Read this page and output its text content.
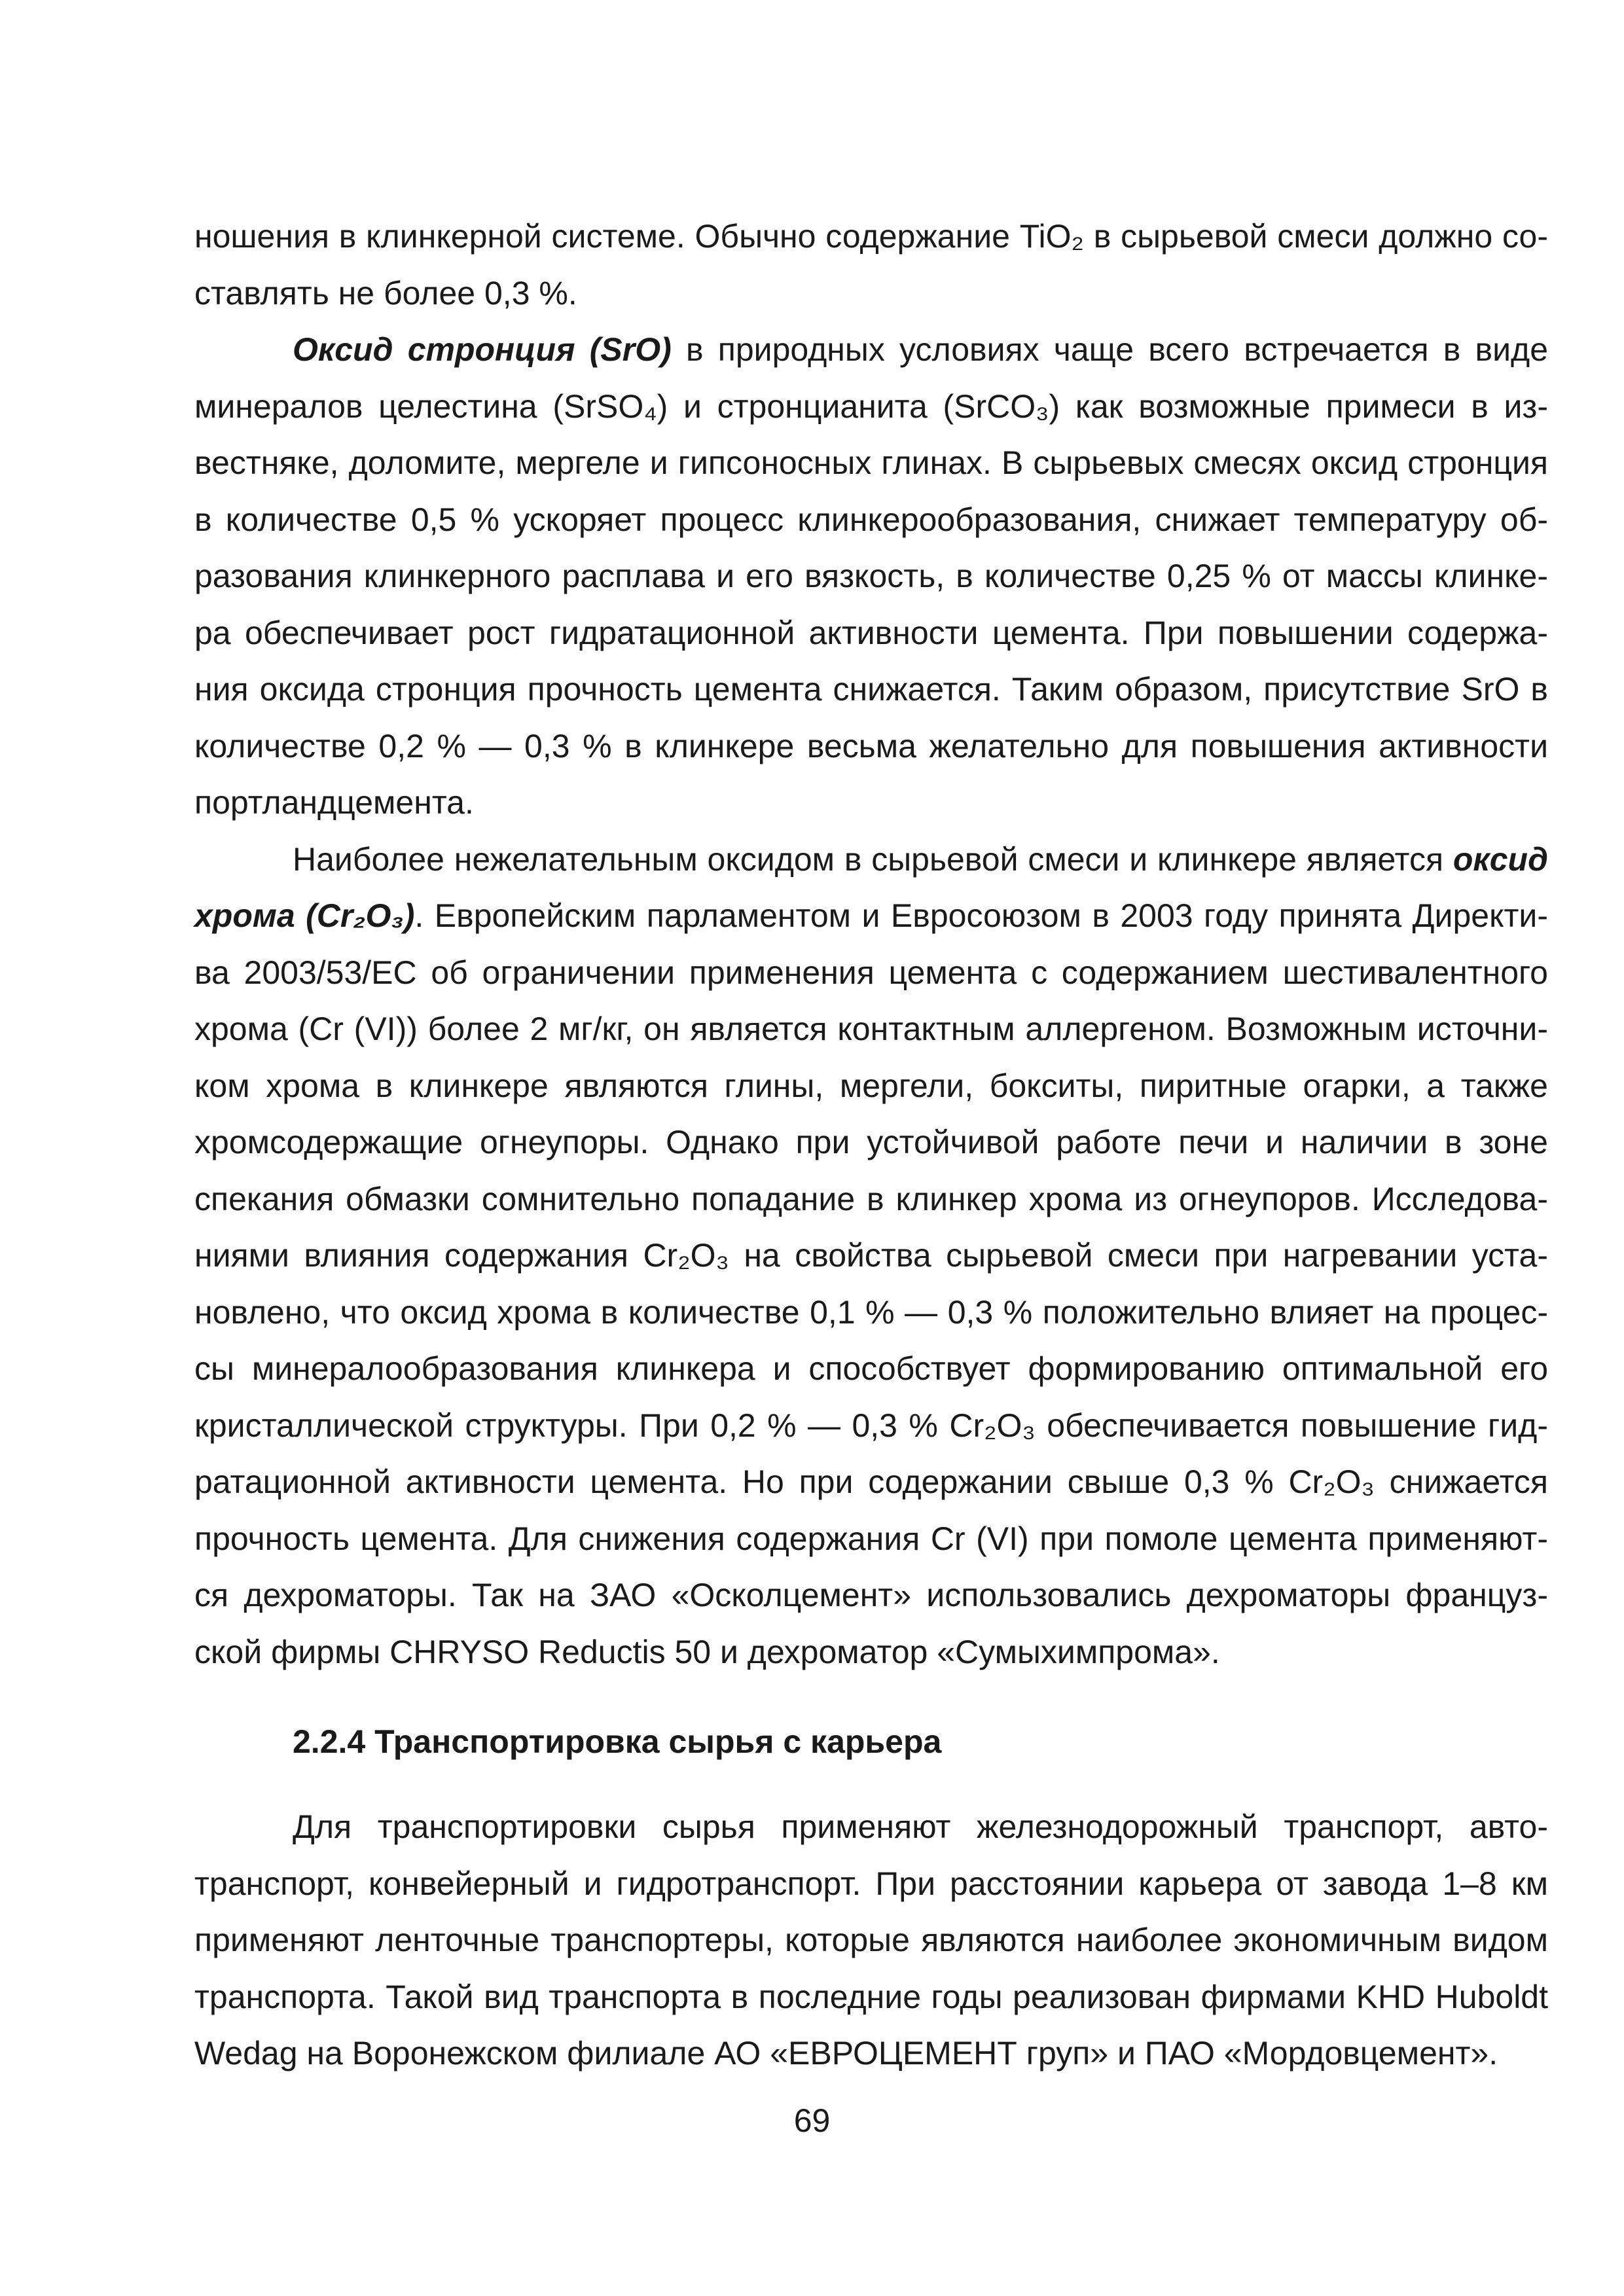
ношения в клинкерной системе. Обычно содержание TiO₂ в сырьевой смеси должно составлять не более 0,3 %.

Оксид стронция (SrO) в природных условиях чаще всего встречается в виде минералов целестина (SrSO₄) и стронцианита (SrCO₃) как возможные примеси в известняке, доломите, мергеле и гипсоносных глинах. В сырьевых смесях оксид стронция в количестве 0,5 % ускоряет процесс клинкерообразования, снижает температуру образования клинкерного расплава и его вязкость, в количестве 0,25 % от массы клинкера обеспечивает рост гидратационной активности цемента. При повышении содержания оксида стронция прочность цемента снижается. Таким образом, присутствие SrO в количестве 0,2 % — 0,3 % в клинкере весьма желательно для повышения активности портландцемента.

Наиболее нежелательным оксидом в сырьевой смеси и клинкере является оксид хрома (Cr₂O₃). Европейским парламентом и Евросоюзом в 2003 году принята Директива 2003/53/ЕС об ограничении применения цемента с содержанием шестивалентного хрома (Cr (VI)) более 2 мг/кг, он является контактным аллергеном. Возможным источником хрома в клинкере являются глины, мергели, бокситы, пиритные огарки, а также хромсодержащие огнеупоры. Однако при устойчивой работе печи и наличии в зоне спекания обмазки сомнительно попадание в клинкер хрома из огнеупоров. Исследованиями влияния содержания Cr₂O₃ на свойства сырьевой смеси при нагревании установлено, что оксид хрома в количестве 0,1 % — 0,3 % положительно влияет на процессы минералообразования клинкера и способствует формированию оптимальной его кристаллической структуры. При 0,2 % — 0,3 % Cr₂O₃ обеспечивается повышение гидратационной активности цемента. Но при содержании свыше 0,3 % Cr₂O₃ снижается прочность цемента. Для снижения содержания Cr (VI) при помоле цемента применяются дехроматоры. Так на ЗАО «Осколцемент» использовались дехроматоры французской фирмы CHRYSO Reductis 50 и дехроматор «Сумыхимпрома».

2.2.4 Транспортировка сырья с карьера

Для транспортировки сырья применяют железнодорожный транспорт, автотранспорт, конвейерный и гидротранспорт. При расстоянии карьера от завода 1–8 км применяют ленточные транспортеры, которые являются наиболее экономичным видом транспорта. Такой вид транспорта в последние годы реализован фирмами KHD Huboldt Wedag на Воронежском филиале АО «ЕВРОЦЕМЕНТ груп» и ПАО «Мордовцемент».

69
